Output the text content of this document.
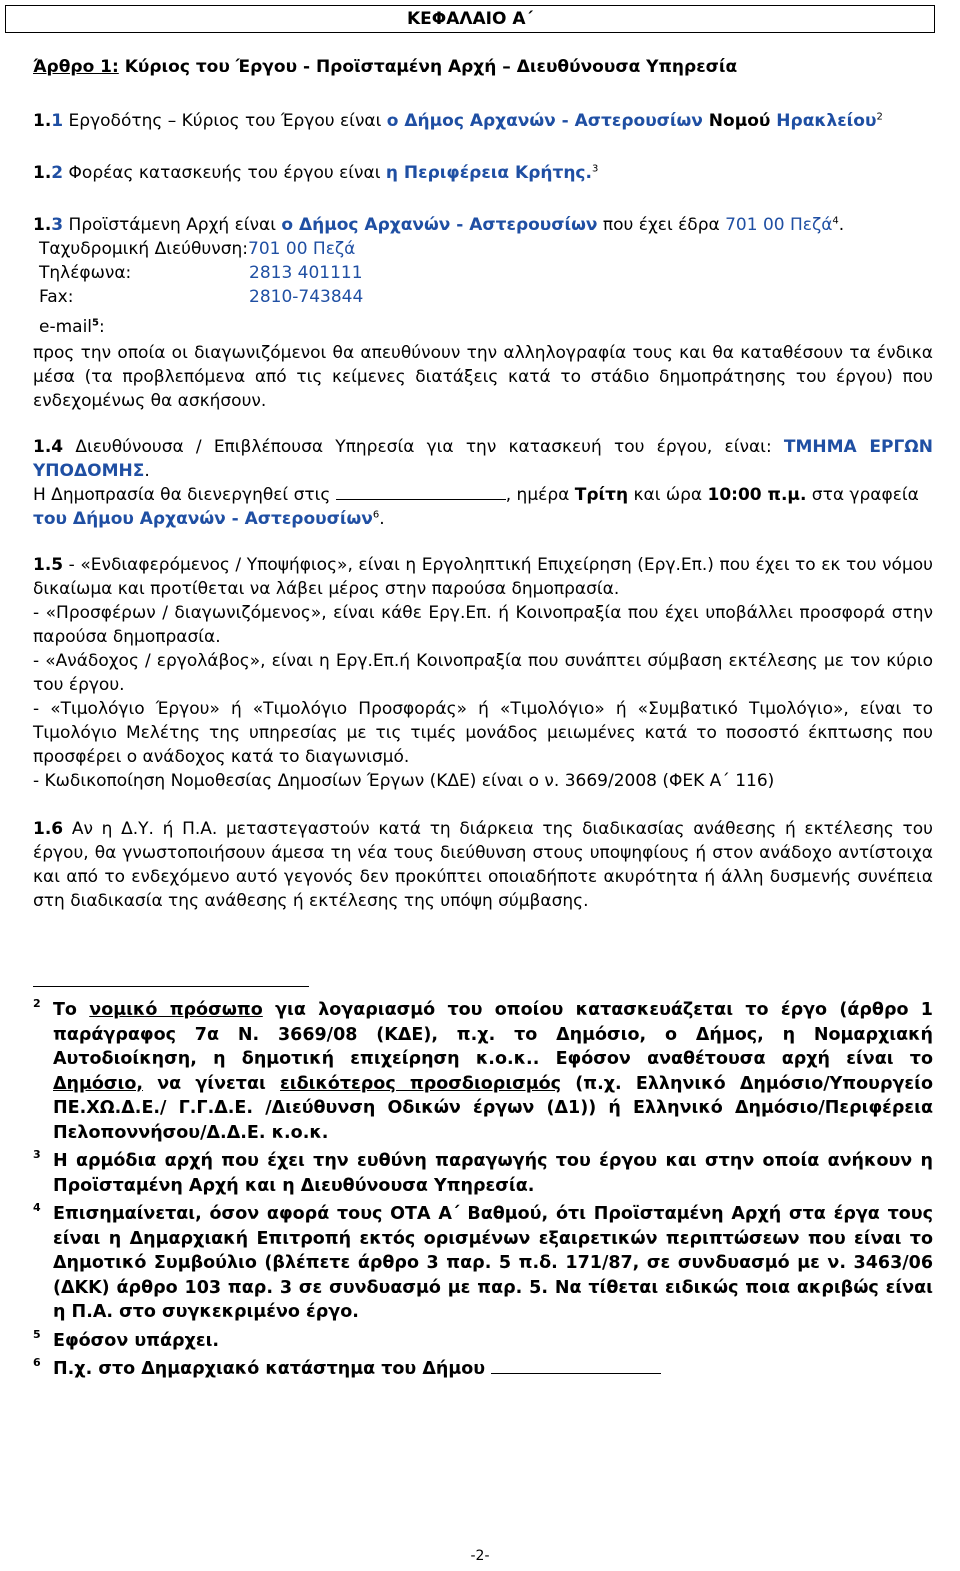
ΚΕΦΑΛΑΙΟ Α΄
Άρθρο 1: Κύριος του Έργου - Προϊσταμένη Αρχή – Διευθύνουσα Υπηρεσία
1.1 Εργοδότης – Κύριος του Έργου είναι ο Δήμος Αρχανών - Αστερουσίων Νομού Ηρακλείου$^2$
1.2 Φορέας κατασκευής του έργου είναι η Περιφέρεια Κρήτης.$^3$
1.3 Προϊστάμενη Αρχή είναι ο Δήμος Αρχανών - Αστερουσίων που έχει έδρα 701 00 Πεζά$^4$.
Ταχυδρομική Διεύθυνση:701 00 Πεζά
Τηλέφωνα:	2813 401111
Fax:	2810-743844
e-mail$^5$:
προς την οποία οι διαγωνιζόμενοι θα απευθύνουν την αλληλογραφία τους και θα καταθέσουν τα ένδικα μέσα (τα προβλεπόμενα από τις κείμενες διατάξεις κατά το στάδιο δημοπράτησης του έργου) που ενδεχομένως θα ασκήσουν.
1.4 Διευθύνουσα / Επιβλέπουσα Υπηρεσία για την κατασκευή του έργου, είναι: ΤΜΗΜΑ ΕΡΓΩΝ ΥΠΟΔΟΜΗΣ.
Η Δημοπρασία θα διενεργηθεί στις	, ημέρα Τρίτη και ώρα 10:00 π.μ. στα γραφεία
του Δήμου Αρχανών - Αστερουσίων$^6$.
1.5 - «Ενδιαφερόμενος / Υποψήφιος», είναι η Εργοληπτική Επιχείρηση (Εργ.Επ.) που έχει το εκ του νόμου δικαίωμα και προτίθεται να λάβει μέρος στην παρούσα δημοπρασία.
- «Προσφέρων / διαγωνιζόμενος», είναι κάθε Εργ.Επ. ή Κοινοπραξία που έχει υποβάλλει προσφορά στην παρούσα δημοπρασία.
- «Ανάδοχος / εργολάβος», είναι η Εργ.Επ.ή Κοινοπραξία που συνάπτει σύμβαση εκτέλεσης με τον κύριο του έργου.
- «Τιμολόγιο Έργου» ή «Τιμολόγιο Προσφοράς» ή «Τιμολόγιο» ή «Συμβατικό Τιμολόγιο», είναι το Τιμολόγιο Μελέτης της υπηρεσίας με τις τιμές μονάδος μειωμένες κατά το ποσοστό έκπτωσης που προσφέρει ο ανάδοχος κατά το διαγωνισμό.
- Κωδικοποίηση Νομοθεσίας Δημοσίων Έργων (ΚΔΕ) είναι ο ν. 3669/2008 (ΦΕΚ Α΄ 116)
1.6 Αν η Δ.Υ. ή Π.Α. μεταστεγαστούν κατά τη διάρκεια της διαδικασίας ανάθεσης ή εκτέλεσης του έργου, θα γνωστοποιήσουν άμεσα τη νέα τους διεύθυνση στους υποψηφίους ή στον ανάδοχο αντίστοιχα και από το ενδεχόμενο αυτό γεγονός δεν προκύπτει οποιαδήποτε ακυρότητα ή άλλη δυσμενής συνέπεια στη διαδικασία της ανάθεσης ή εκτέλεσης της υπόψη σύμβασης.
2 Το νομικό πρόσωπο για λογαριασμό του οποίου κατασκευάζεται το έργο (άρθρο 1 παράγραφος 7α Ν. 3669/08 (ΚΔΕ), π.χ. το Δημόσιο, ο Δήμος, η Νομαρχιακή Αυτοδιοίκηση, η δημοτική επιχείρηση κ.ο.κ.. Εφόσον αναθέτουσα αρχή είναι το Δημόσιο, να γίνεται ειδικότερος προσδιορισμός (π.χ. Ελληνικό Δημόσιο/Υπουργείο ΠΕ.ΧΩ.Δ.Ε./ Γ.Γ.Δ.Ε. /Διεύθυνση Οδικών έργων (Δ1)) ή Ελληνικό Δημόσιο/Περιφέρεια Πελοποννήσου/Δ.Δ.Ε. κ.ο.κ.
3 Η αρμόδια αρχή που έχει την ευθύνη παραγωγής του έργου και στην οποία ανήκουν η Προϊσταμένη Αρχή και η Διευθύνουσα Υπηρεσία.
4 Επισημαίνεται, όσον αφορά τους ΟΤΑ Α΄ Βαθμού, ότι Προϊσταμένη Αρχή στα έργα τους είναι η Δημαρχιακή Επιτροπή εκτός ορισμένων εξαιρετικών περιπτώσεων που είναι το Δημοτικό Συμβούλιο (βλέπετε άρθρο 3 παρ. 5 π.δ. 171/87, σε συνδυασμό με ν. 3463/06 (ΔΚΚ) άρθρο 103 παρ. 3 σε συνδυασμό με παρ. 5. Να τίθεται ειδικώς ποια ακριβώς είναι η Π.Α. στο συγκεκριμένο έργο.
5 Εφόσον υπάρχει.
6 Π.χ. στο Δημαρχιακό κατάστημα του Δήμου
-2-
